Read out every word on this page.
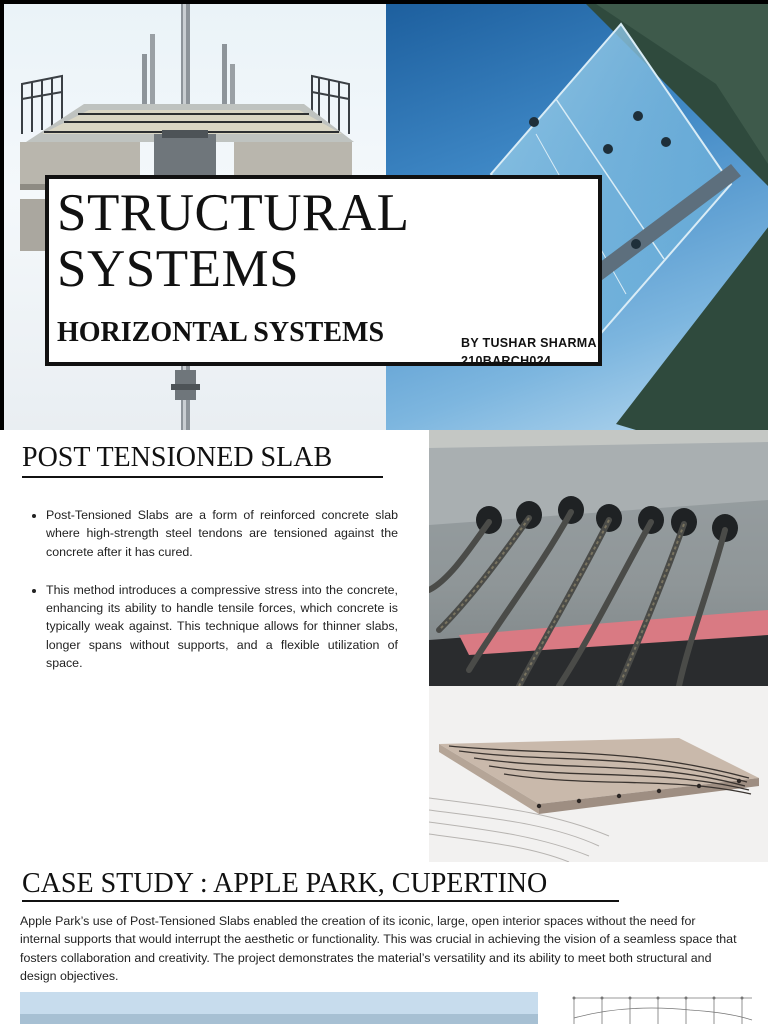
STRUCTURAL
SYSTEMS
HORIZONTAL SYSTEMS	BY TUSHAR SHARMA
210BARCH024
POST TENSIONED SLAB
• Post-Tensioned Slabs are a form of reinforced concrete slab where high-strength steel tendons are tensioned against the concrete after it has cured.
• This method introduces a compressive stress into the concrete, enhancing its ability to handle tensile forces, which concrete is typically weak against. This technique allows for thinner slabs, longer spans without supports, and a flexible utilization of space.
CASE STUDY : APPLE PARK, CUPERTINO

Apple Park’s use of Post-Tensioned Slabs enabled the creation of its iconic, large, open interior spaces without the need for internal supports that would interrupt the aesthetic or functionality. This was crucial in achieving the vision of a seamless space that fosters collaboration and creativity. The project demonstrates the material’s versatility and its ability to meet both structural and design objectives.
